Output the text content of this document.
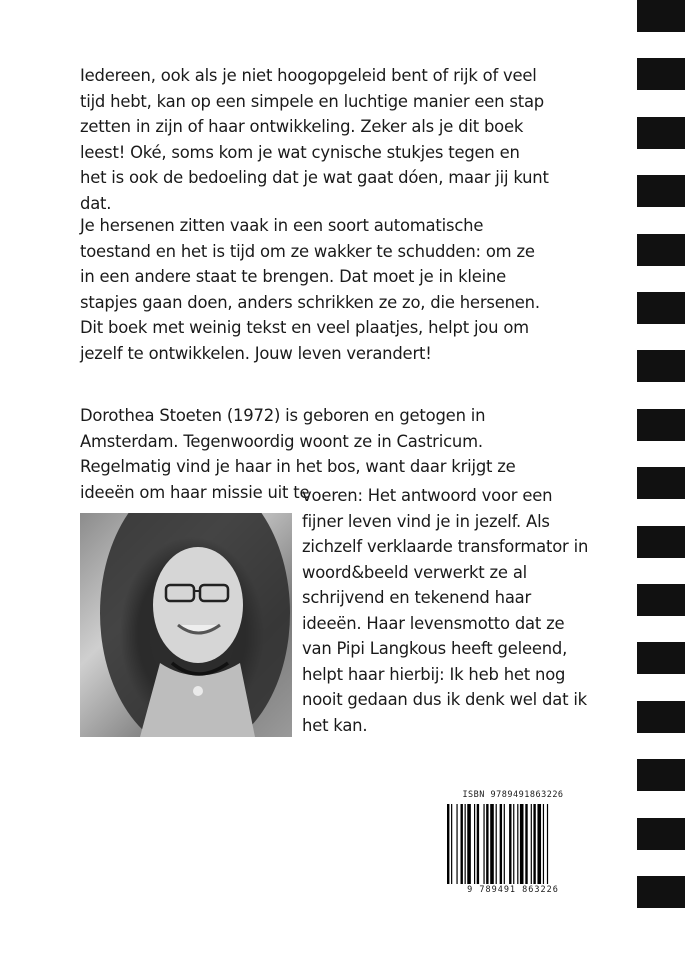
Iedereen, ook als je niet hoogopgeleid bent of rijk of veel tijd hebt, kan op een simpele en luchtige manier een stap zetten in zijn of haar ontwikkeling. Zeker als je dit boek leest! Oké, soms kom je wat cynische stukjes tegen en het is ook de bedoeling dat je wat gaat dóen, maar jij kunt dat.

Je hersenen zitten vaak in een soort automatische toestand en het is tijd om ze wakker te schudden: om ze in een andere staat te brengen. Dat moet je in kleine stapjes gaan doen, anders schrikken ze zo, die hersenen. Dit boek met weinig tekst en veel plaatjes, helpt jou om jezelf te ontwikkelen. Jouw leven verandert!

Dorothea Stoeten (1972) is geboren en getogen in Amsterdam. Tegenwoordig woont ze in Castricum. Regelmatig vind je haar in het bos, want daar krijgt ze ideeën om haar missie uit te

voeren: Het antwoord voor een fijner leven vind je in jezelf. Als zichzelf verklaarde transformator in woord&beeld verwerkt ze al schrijvend en tekenend haar ideeën. Haar levensmotto dat ze van Pipi Langkous heeft geleend, helpt haar hierbij: Ik heb het nog nooit gedaan dus ik denk wel dat ik het kan.

ISBN 9789491863226
9 789491 863226
